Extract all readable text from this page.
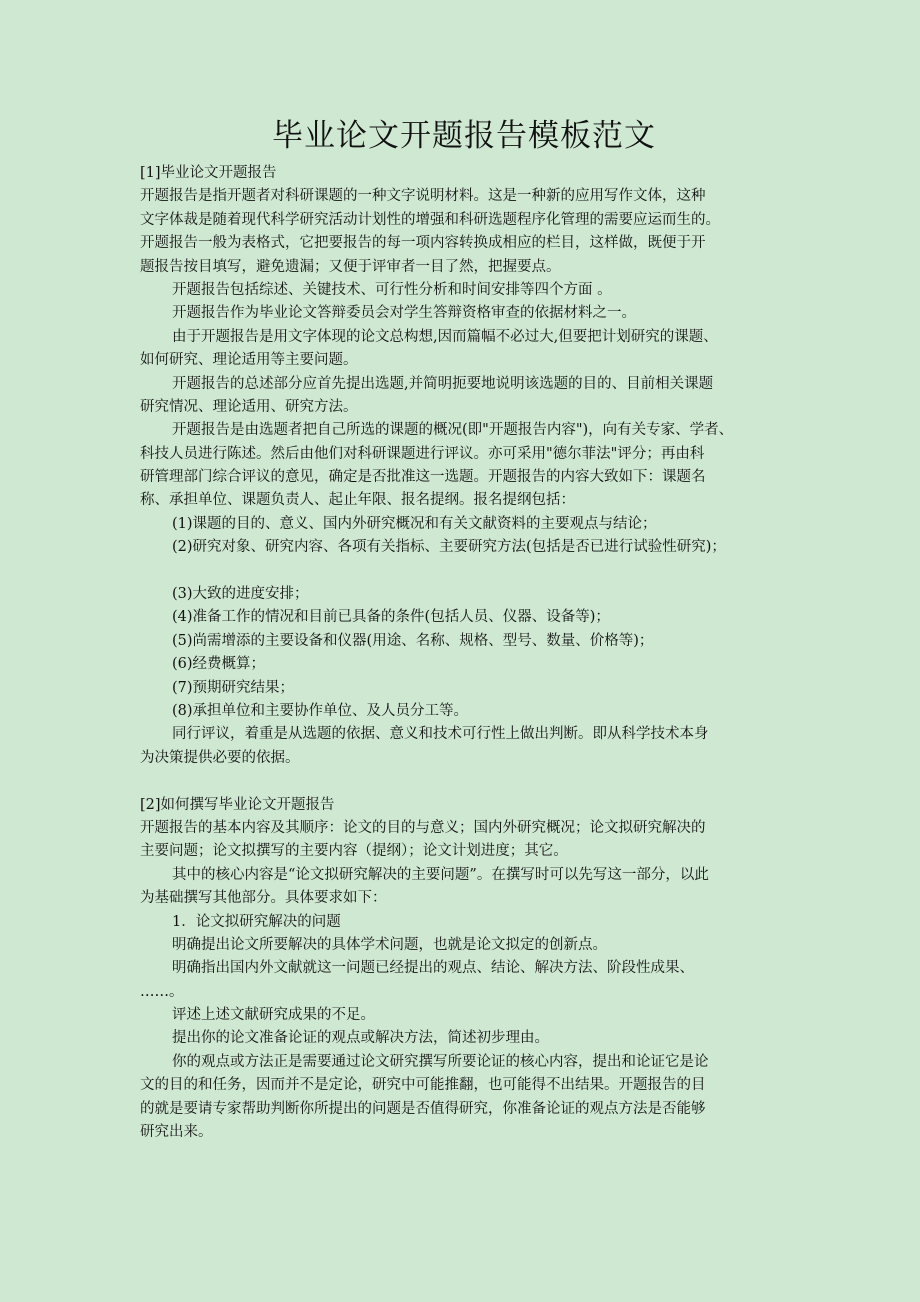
毕业论文开题报告模板范文

[1]毕业论文开题报告

开题报告是指开题者对科研课题的一种文字说明材料。这是一种新的应用写作文体，这种

文字体裁是随着现代科学研究活动计划性的增强和科研选题程序化管理的需要应运而生的。

开题报告一般为表格式，它把要报告的每一项内容转换成相应的栏目，这样做，既便于开

题报告按目填写，避免遗漏；又便于评审者一目了然，把握要点。

开题报告包括综述、关键技术、可行性分析和时间安排等四个方面 。

开题报告作为毕业论文答辩委员会对学生答辩资格审查的依据材料之一。

由于开题报告是用文字体现的论文总构想,因而篇幅不必过大,但要把计划研究的课题、

如何研究、理论适用等主要问题。

开题报告的总述部分应首先提出选题,并简明扼要地说明该选题的目的、目前相关课题

研究情况、理论适用、研究方法。

开题报告是由选题者把自己所选的课题的概况(即"开题报告内容")，向有关专家、学者、

科技人员进行陈述。然后由他们对科研课题进行评议。亦可采用"德尔菲法"评分；再由科

研管理部门综合评议的意见，确定是否批准这一选题。开题报告的内容大致如下：课题名

称、承担单位、课题负责人、起止年限、报名提纲。报名提纲包括：

(1)课题的目的、意义、国内外研究概况和有关文献资料的主要观点与结论；

(2)研究对象、研究内容、各项有关指标、主要研究方法(包括是否已进行试验性研究)；

(3)大致的进度安排；

(4)准备工作的情况和目前已具备的条件(包括人员、仪器、设备等)；

(5)尚需增添的主要设备和仪器(用途、名称、规格、型号、数量、价格等)；

(6)经费概算；

(7)预期研究结果；

(8)承担单位和主要协作单位、及人员分工等。

同行评议，着重是从选题的依据、意义和技术可行性上做出判断。即从科学技术本身

为决策提供必要的依据。

[2]如何撰写毕业论文开题报告

开题报告的基本内容及其顺序：论文的目的与意义；国内外研究概况；论文拟研究解决的

主要问题；论文拟撰写的主要内容（提纲）；论文计划进度；其它。

其中的核心内容是“论文拟研究解决的主要问题”。在撰写时可以先写这一部分，以此

为基础撰写其他部分。具体要求如下：

1．论文拟研究解决的问题

明确提出论文所要解决的具体学术问题，也就是论文拟定的创新点。

明确指出国内外文献就这一问题已经提出的观点、结论、解决方法、阶段性成果、

……。

评述上述文献研究成果的不足。

提出你的论文准备论证的观点或解决方法，简述初步理由。

你的观点或方法正是需要通过论文研究撰写所要论证的核心内容，提出和论证它是论

文的目的和任务，因而并不是定论，研究中可能推翻，也可能得不出结果。开题报告的目

的就是要请专家帮助判断你所提出的问题是否值得研究，你准备论证的观点方法是否能够

研究出来。
